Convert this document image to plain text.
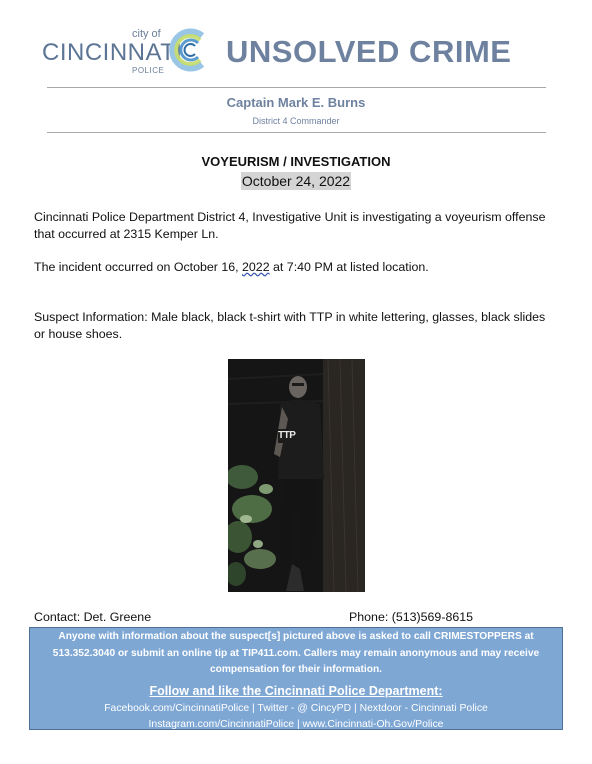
city of
CINCINNATI
POLICE
UNSOLVED CRIME
Captain Mark E. Burns
District 4 Commander
VOYEURISM / INVESTIGATION
October 24, 2022
Cincinnati Police Department District 4, Investigative Unit is investigating a voyeurism offense that occurred at 2315 Kemper Ln.
The incident occurred on October 16, 2022 at 7:40 PM at listed location.
Suspect Information: Male black, black t-shirt with TTP in white lettering, glasses, black slides or house shoes.
TTP
Contact: Det. Greene	Phone: (513)569-8615
Anyone with information about the suspect[s] pictured above is asked to call CRIMESTOPPERS at 513.352.3040 or submit an online tip at TIP411.com. Callers may remain anonymous and may receive compensation for their information.
Follow and like the Cincinnati Police Department:
Facebook.com/CincinnatiPolice | Twitter - @ CincyPD | Nextdoor - Cincinnati Police
Instagram.com/CincinnatiPolice | www.Cincinnati-Oh.Gov/Police
